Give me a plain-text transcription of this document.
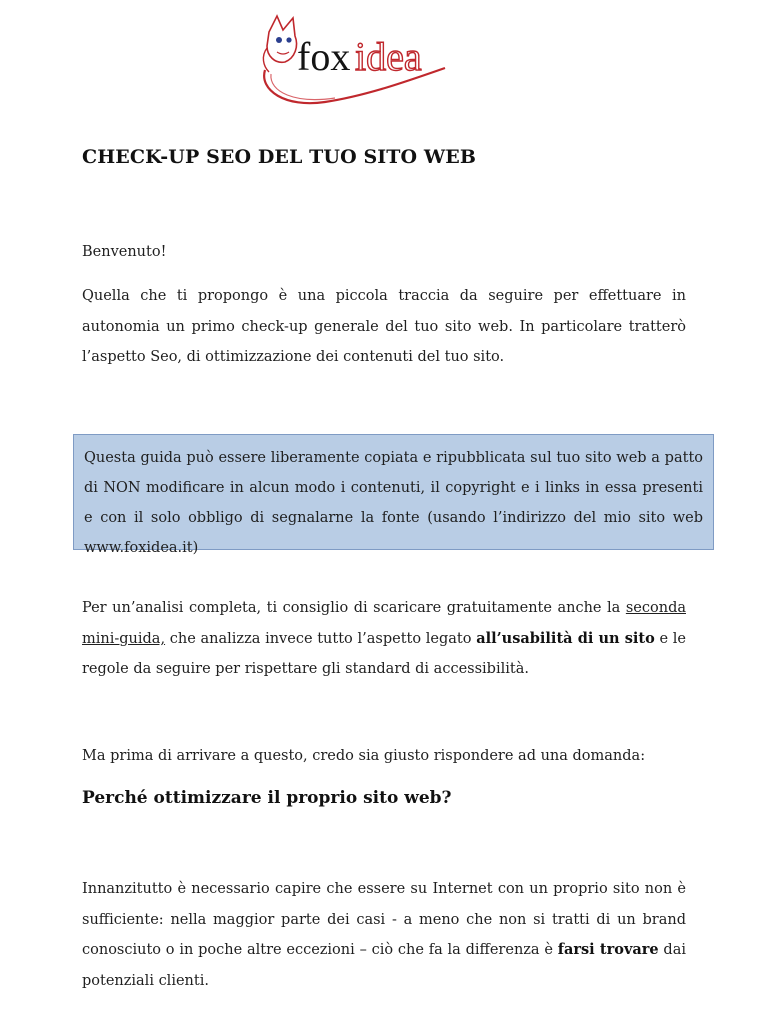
fox idea
CHECK-UP SEO DEL TUO SITO WEB

Benvenuto!

Quella che ti propongo è una piccola traccia da seguire per effettuare in autonomia un primo check-up generale del tuo sito web. In particolare tratterò l’aspetto Seo, di ottimizzazione dei contenuti del tuo sito.

Questa guida può essere liberamente copiata e ripubblicata sul tuo sito web a patto di NON modificare in alcun modo i contenuti, il copyright e i links in essa presenti e con il solo obbligo di segnalarne la fonte (usando l’indirizzo del mio sito web www.foxidea.it)

Per un’analisi completa, ti consiglio di scaricare gratuitamente anche la seconda mini-guida, che analizza invece tutto l’aspetto legato all’usabilità di un sito e le regole da seguire per rispettare gli standard di accessibilità.

Ma prima di arrivare a questo, credo sia giusto rispondere ad una domanda:

Perché ottimizzare il proprio sito web?

Innanzitutto è necessario capire che essere su Internet con un proprio sito non è sufficiente: nella maggior parte dei casi - a meno che non si tratti di un brand conosciuto o in poche altre eccezioni – ciò che fa la differenza è farsi trovare dai potenziali clienti.
